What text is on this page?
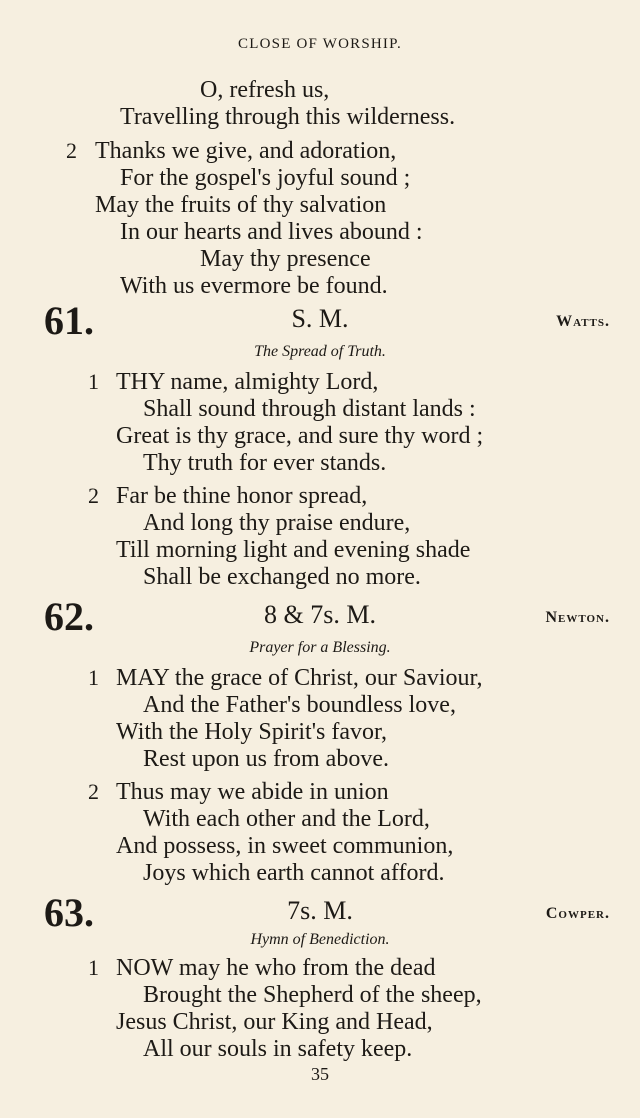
CLOSE OF WORSHIP.
O, refresh us,
Travelling through this wilderness.
2 Thanks we give, and adoration,
For the gospel's joyful sound ;
May the fruits of thy salvation
In our hearts and lives abound :
May thy presence
With us evermore be found.
61.	S. M.	Watts.
The Spread of Truth.
1 THY name, almighty Lord,
Shall sound through distant lands :
Great is thy grace, and sure thy word ;
Thy truth for ever stands.
2 Far be thine honor spread,
And long thy praise endure,
Till morning light and evening shade
Shall be exchanged no more.
62.	8 & 7s. M.	Newton.
Prayer for a Blessing.
1 MAY the grace of Christ, our Saviour,
And the Father's boundless love,
With the Holy Spirit's favor,
Rest upon us from above.
2 Thus may we abide in union
With each other and the Lord,
And possess, in sweet communion,
Joys which earth cannot afford.
63.	7s. M.	Cowper.
Hymn of Benediction.
1 NOW may he who from the dead
Brought the Shepherd of the sheep,
Jesus Christ, our King and Head,
All our souls in safety keep.
35
